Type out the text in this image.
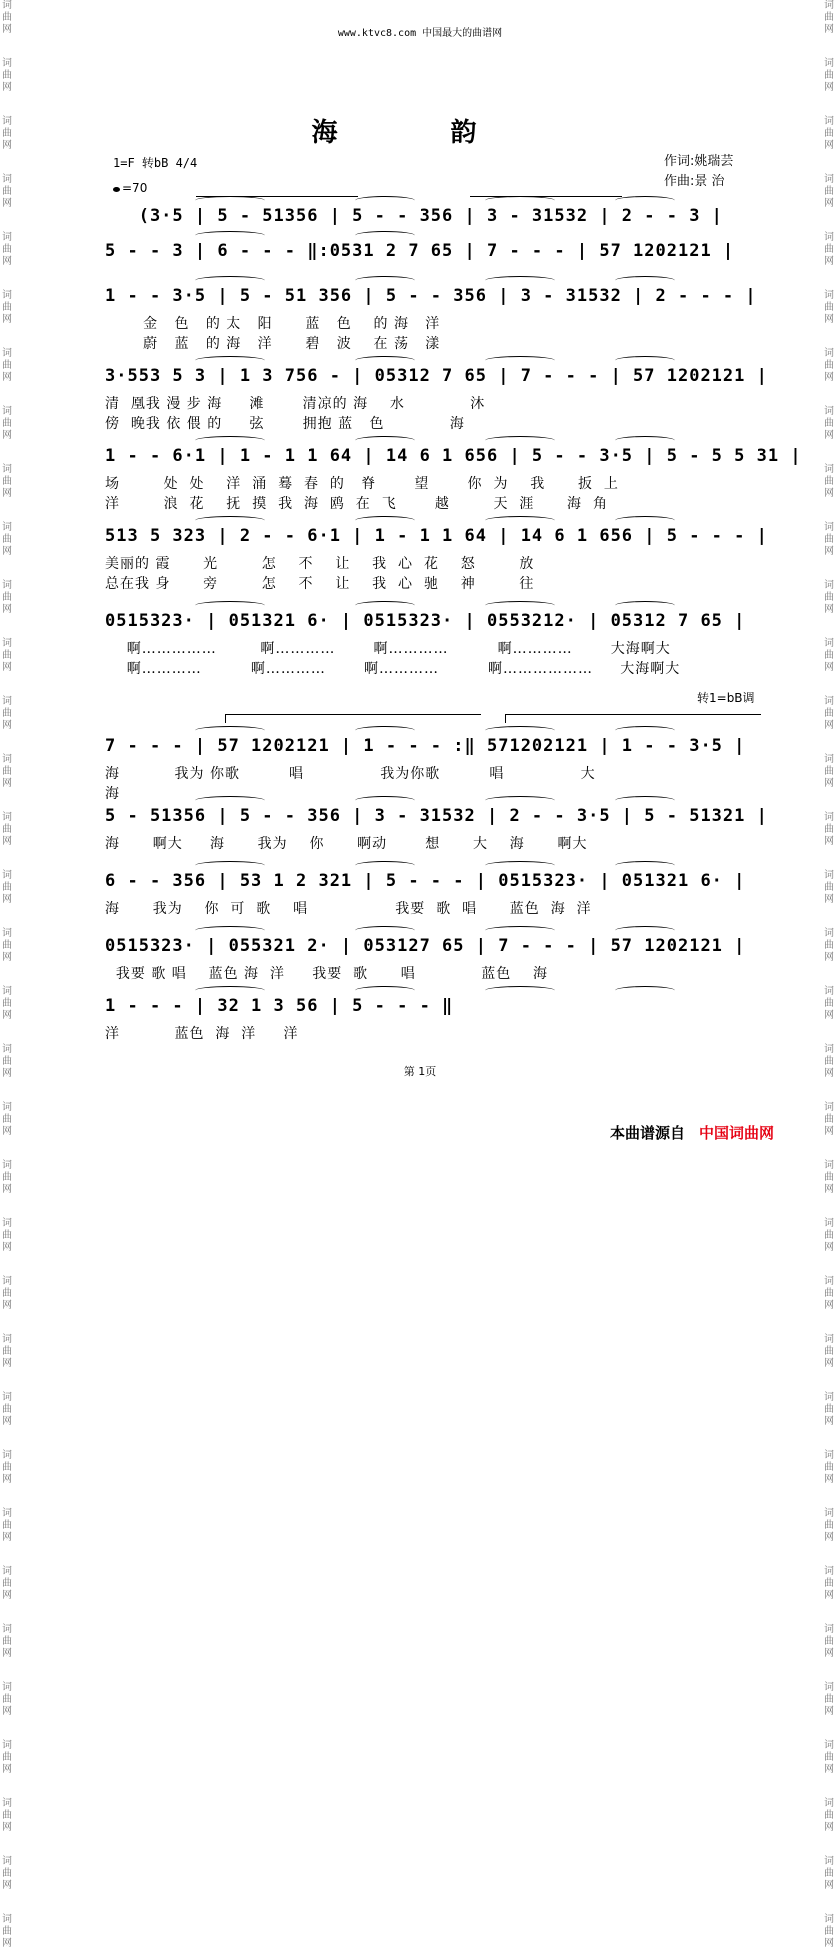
词
曲
网
词
曲
网
词
曲
网
词
曲
网
词
曲
网
词
曲
网
词
曲
网
词
曲
网
词
曲
网
词
曲
网
词
曲
网
词
曲
网
词
曲
网
词
曲
网
词
曲
网
词
曲
网
词
曲
网
词
曲
网
词
曲
网
词
曲
网
词
曲
网
词
曲
网
词
曲
网
词
曲
网
词
曲
网
词
曲
网
词
曲
网
词
曲
网
词
曲
网
词
曲
网
词
曲
网
词
曲
网
词
曲
网
词
曲
网
词
曲
网
词
曲
网
词
曲
网
词
曲
网
词
曲
网
词
曲
网
词
曲
网
词
曲
网
词
曲
网
词
曲
网
词
曲
网
词
曲
网
词
曲
网
词
曲
网
词
曲
网
词
曲
网
词
曲
网
词
曲
网
词
曲
网
词
曲
网
词
曲
网
词
曲
网
词
曲
网
词
曲
网
词
曲
网
词
曲
网
词
曲
网
词
曲
网
词
曲
网
词
曲
网
词
曲
网
词
曲
网
词
曲
网
词
曲
网
www.ktvc8.com 中国最大的曲谱网
海 韵
1=F 转bB 4/4	作词:姚瑞芸
作曲:景 治
=70
转1=bB调
(3·5 | 5 - 51356 | 5 - - 356 | 3 - 31532 | 2 - - 3 |
5 - - 3 | 6 - - - ‖:0531 2 7 65 | 7 - - - | 57 1202121 |
1 - - 3·5 | 5 - 51 356 | 5 - - 356 | 3 - 31532 | 2 - - - |
金   色   的 太   阳      蓝   色    的 海   洋
蔚   蓝   的 海   洋      碧   波    在 荡   漾
3·553 5 3 | 1 3 756 - | 05312 7 65 | 7 - - - | 57 1202121 |
清  凰我 漫 步 海     滩       清凉的 海    水            沐
傍  晚我 依 偎 的     弦       拥抱 蓝   色            海
1 - - 6·1 | 1 - 1 1 64 | 14 6 1 656 | 5 - - 3·5 | 5 - 5 5 31 |
场        处  处    洋  涌  蓦  春  的   脊       望       你  为    我      扳  上
洋        浪  花    抚  摸  我  海  鸥  在  飞       越        天  涯      海  角
513 5 323 | 2 - - 6·1 | 1 - 1 1 64 | 14 6 1 656 | 5 - - - |
美丽的 霞      光        怎    不    让    我  心  花    怒        放
总在我 身      旁        怎    不    让    我  心  驰    神        往
0515323· | 051321 6· | 0515323· | 0553212· | 05312 7 65 |
啊……………        啊…………       啊…………         啊…………       大海啊大
啊…………         啊…………       啊…………         啊………………     大海啊大
7 - - - | 57 1202121 | 1 - - - :‖ 571202121 | 1 - - 3·5 |
海          我为 你歌         唱              我为你歌         唱              大
海
5 - 51356 | 5 - - 356 | 3 - 31532 | 2 - - 3·5 | 5 - 51321 |
海      啊大     海      我为    你      啊动       想      大    海      啊大
6 - - 356 | 53 1 2 321 | 5 - - - | 0515323· | 051321 6· |
海      我为    你  可  歌    唱                我要  歌  唱      蓝色  海  洋
0515323· | 055321 2· | 053127 65 | 7 - - - | 57 1202121 |
我要 歌 唱    蓝色 海  洋     我要  歌      唱            蓝色    海
1 - - - | 32 1 3 56 | 5 - - - ‖
洋          蓝色  海  洋     洋
第 1页
本曲谱源自 中国词曲网
